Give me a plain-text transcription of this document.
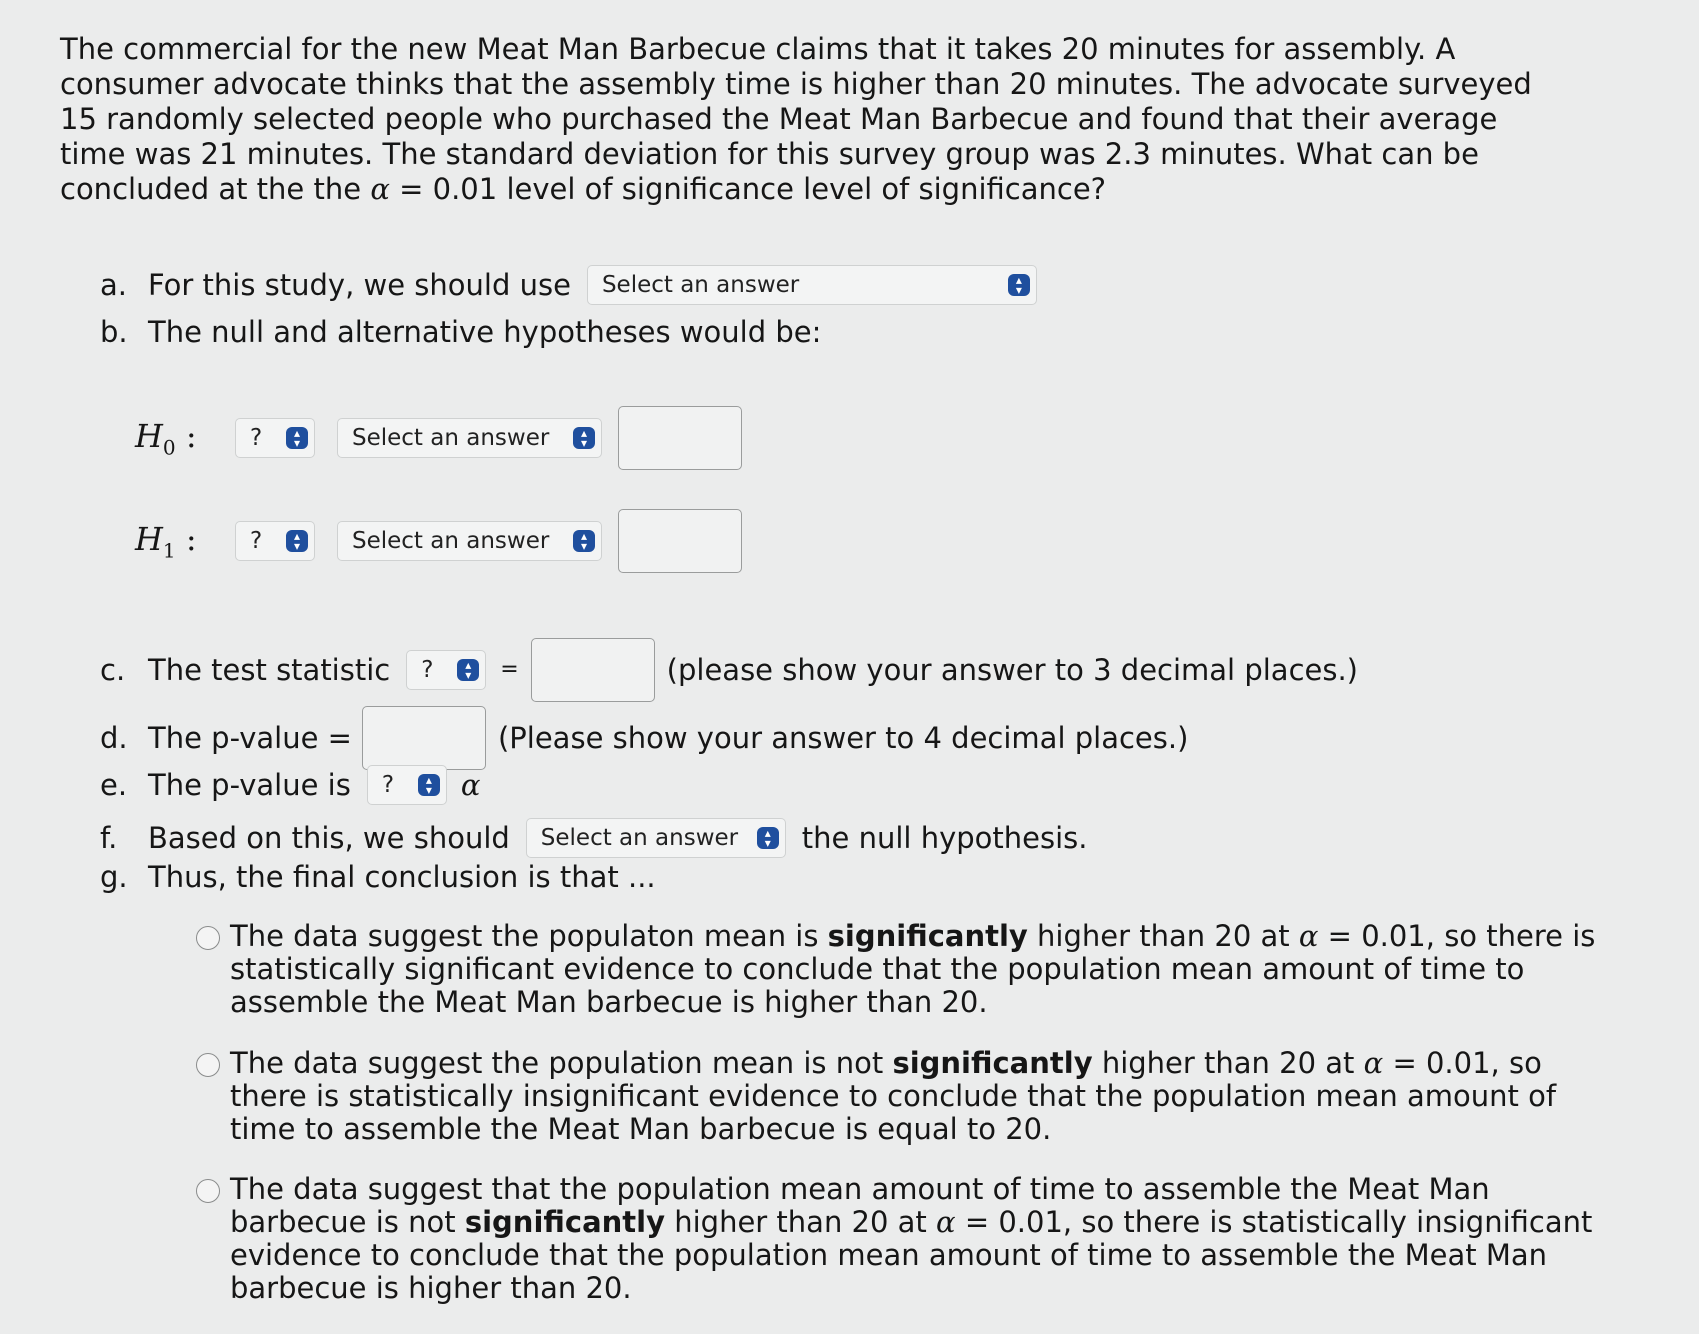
The commercial for the new Meat Man Barbecue claims that it takes 20 minutes for assembly. A consumer advocate thinks that the assembly time is higher than 20 minutes. The advocate surveyed 15 randomly selected people who purchased the Meat Man Barbecue and found that their average time was 21 minutes. The standard deviation for this survey group was 2.3 minutes. What can be concluded at the the α = 0.01 level of significance level of significance?

a. For this study, we should use Select an answer	▴
▾
b. The null and alternative hypotheses would be:
$H_0$ :	?	▴
▾	Select an answer	▴
▾
$H_1$ :	?	▴
▾	Select an answer	▴
▾
c. The test statistic ?	▴
▾	=	(please show your answer to 3 decimal places.)
d. The p-value =	(Please show your answer to 4 decimal places.)
e. The p-value is ?	▴
▾ α
f.	Based on this, we should Select an answer	▴
▾ the null hypothesis.
g. Thus, the final conclusion is that ...
The data suggest the populaton mean is significantly higher than 20 at α = 0.01, so there is statistically significant evidence to conclude that the population mean amount of time to assemble the Meat Man barbecue is higher than 20.
The data suggest the population mean is not significantly higher than 20 at α = 0.01, so there is statistically insignificant evidence to conclude that the population mean amount of time to assemble the Meat Man barbecue is equal to 20.
The data suggest that the population mean amount of time to assemble the Meat Man barbecue is not significantly higher than 20 at α = 0.01, so there is statistically insignificant evidence to conclude that the population mean amount of time to assemble the Meat Man barbecue is higher than 20.
